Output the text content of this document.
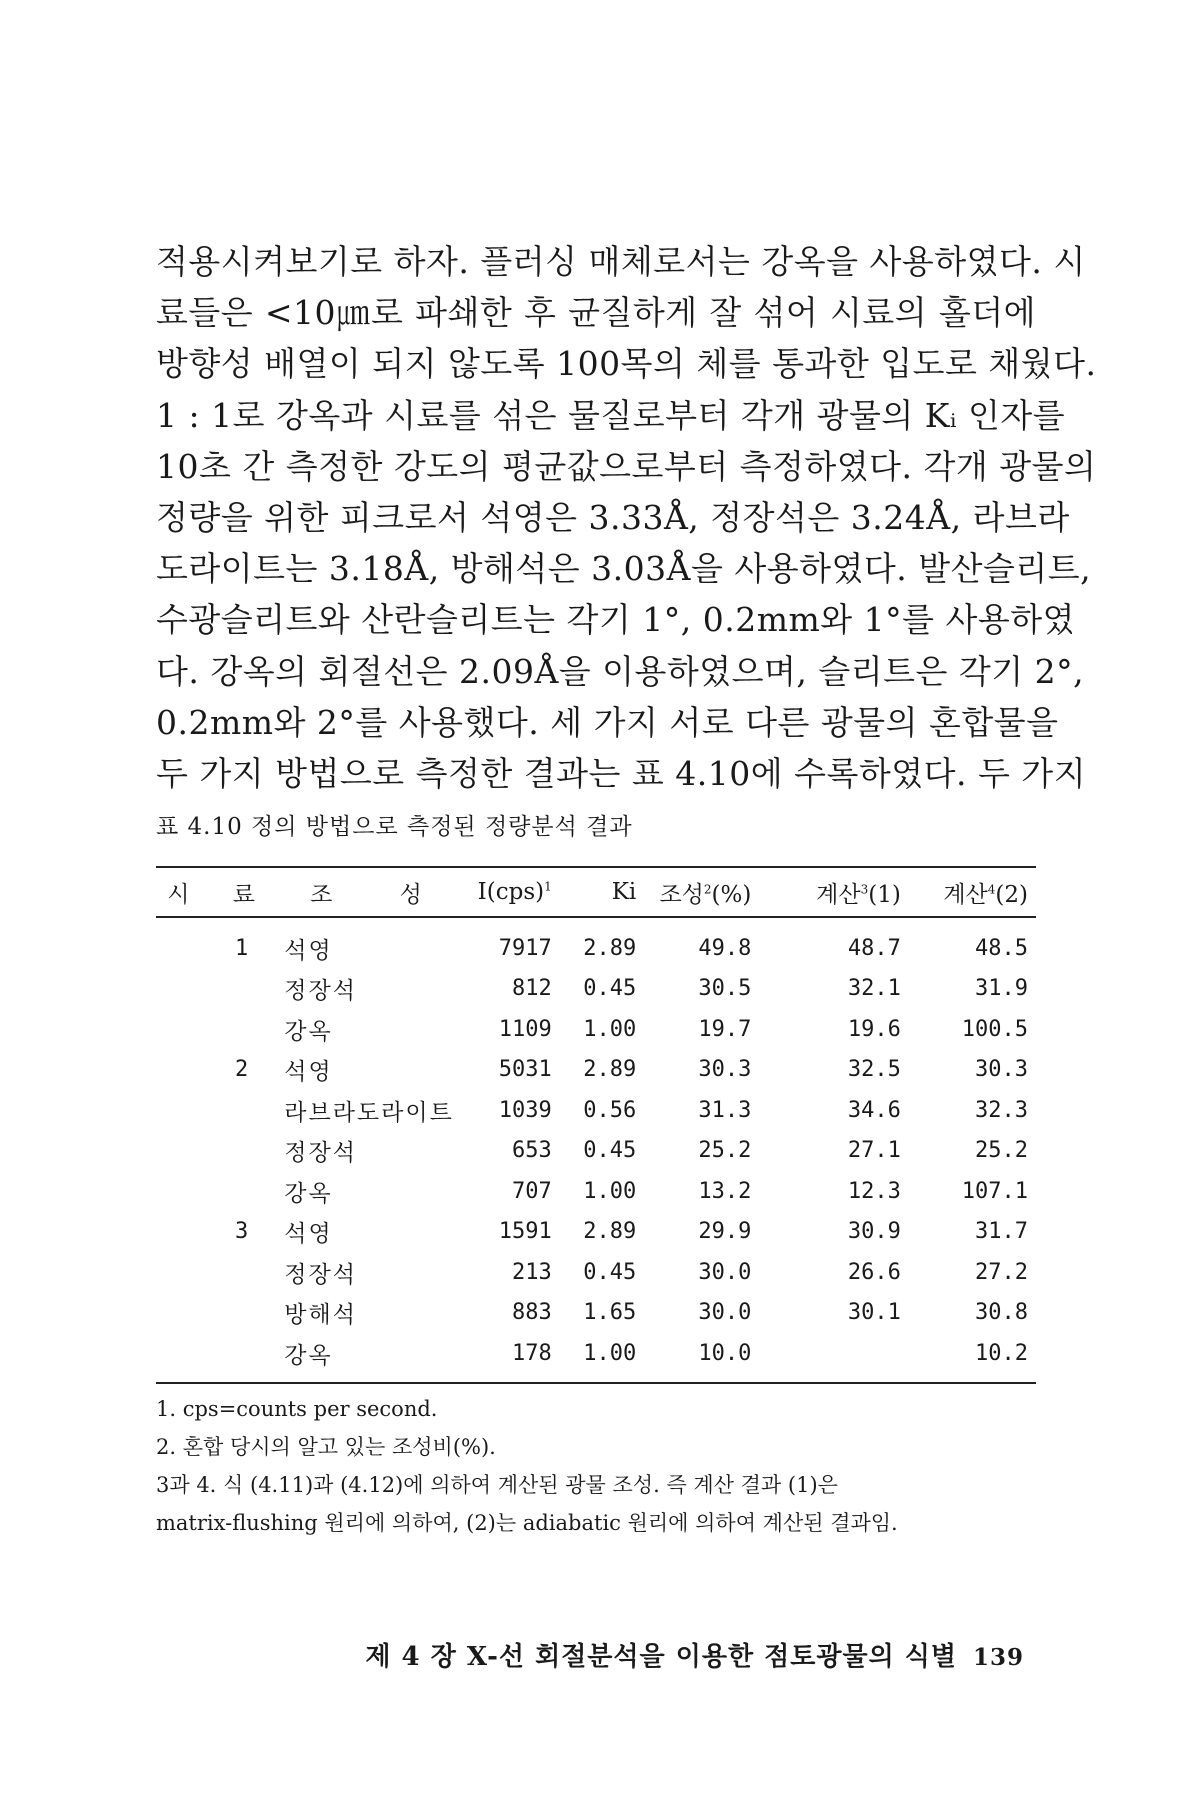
적용시켜보기로 하자. 플러싱 매체로서는 강옥을 사용하였다. 시
료들은 <10㎛로 파쇄한 후 균질하게 잘 섞어 시료의 홀더에
방향성 배열이 되지 않도록 100목의 체를 통과한 입도로 채웠다.
1 : 1로 강옥과 시료를 섞은 물질로부터 각개 광물의 Kᵢ 인자를
10초 간 측정한 강도의 평균값으로부터 측정하였다. 각개 광물의
정량을 위한 피크로서 석영은 3.33Å, 정장석은 3.24Å, 라브라
도라이트는 3.18Å, 방해석은 3.03Å을 사용하였다. 발산슬리트,
수광슬리트와 산란슬리트는 각기 1°, 0.2mm와 1°를 사용하였
다. 강옥의 회절선은 2.09Å을 이용하였으며, 슬리트은 각기 2°,
0.2mm와 2°를 사용했다. 세 가지 서로 다른 광물의 혼합물을
두 가지 방법으로 측정한 결과는 표 4.10에 수록하였다. 두 가지
표 4.10 정의 방법으로 측정된 정량분석 결과
시 료	조 성	I(cps)$^1$	Ki	조성$^2$(%)	계산$^3$(1)	계산$^4$(2)
1	석영	7917	2.89	49.8	48.7	48.5
	정장석	812	0.45	30.5	32.1	31.9
	강옥	1109	1.00	19.7	19.6	100.5
2	석영	5031	2.89	30.3	32.5	30.3
	라브라도라이트	1039	0.56	31.3	34.6	32.3
	정장석	653	0.45	25.2	27.1	25.2
	강옥	707	1.00	13.2	12.3	107.1
3	석영	1591	2.89	29.9	30.9	31.7
	정장석	213	0.45	30.0	26.6	27.2
	방해석	883	1.65	30.0	30.1	30.8
	강옥	178	1.00	10.0		10.2
1. cps=counts per second.
2. 혼합 당시의 알고 있는 조성비(%).
3과 4. 식 (4.11)과 (4.12)에 의하여 계산된 광물 조성. 즉 계산 결과 (1)은
matrix-flushing 원리에 의하여, (2)는 adiabatic 원리에 의하여 계산된 결과임.
제 4 장 X-선 회절분석을 이용한 점토광물의 식별 139
